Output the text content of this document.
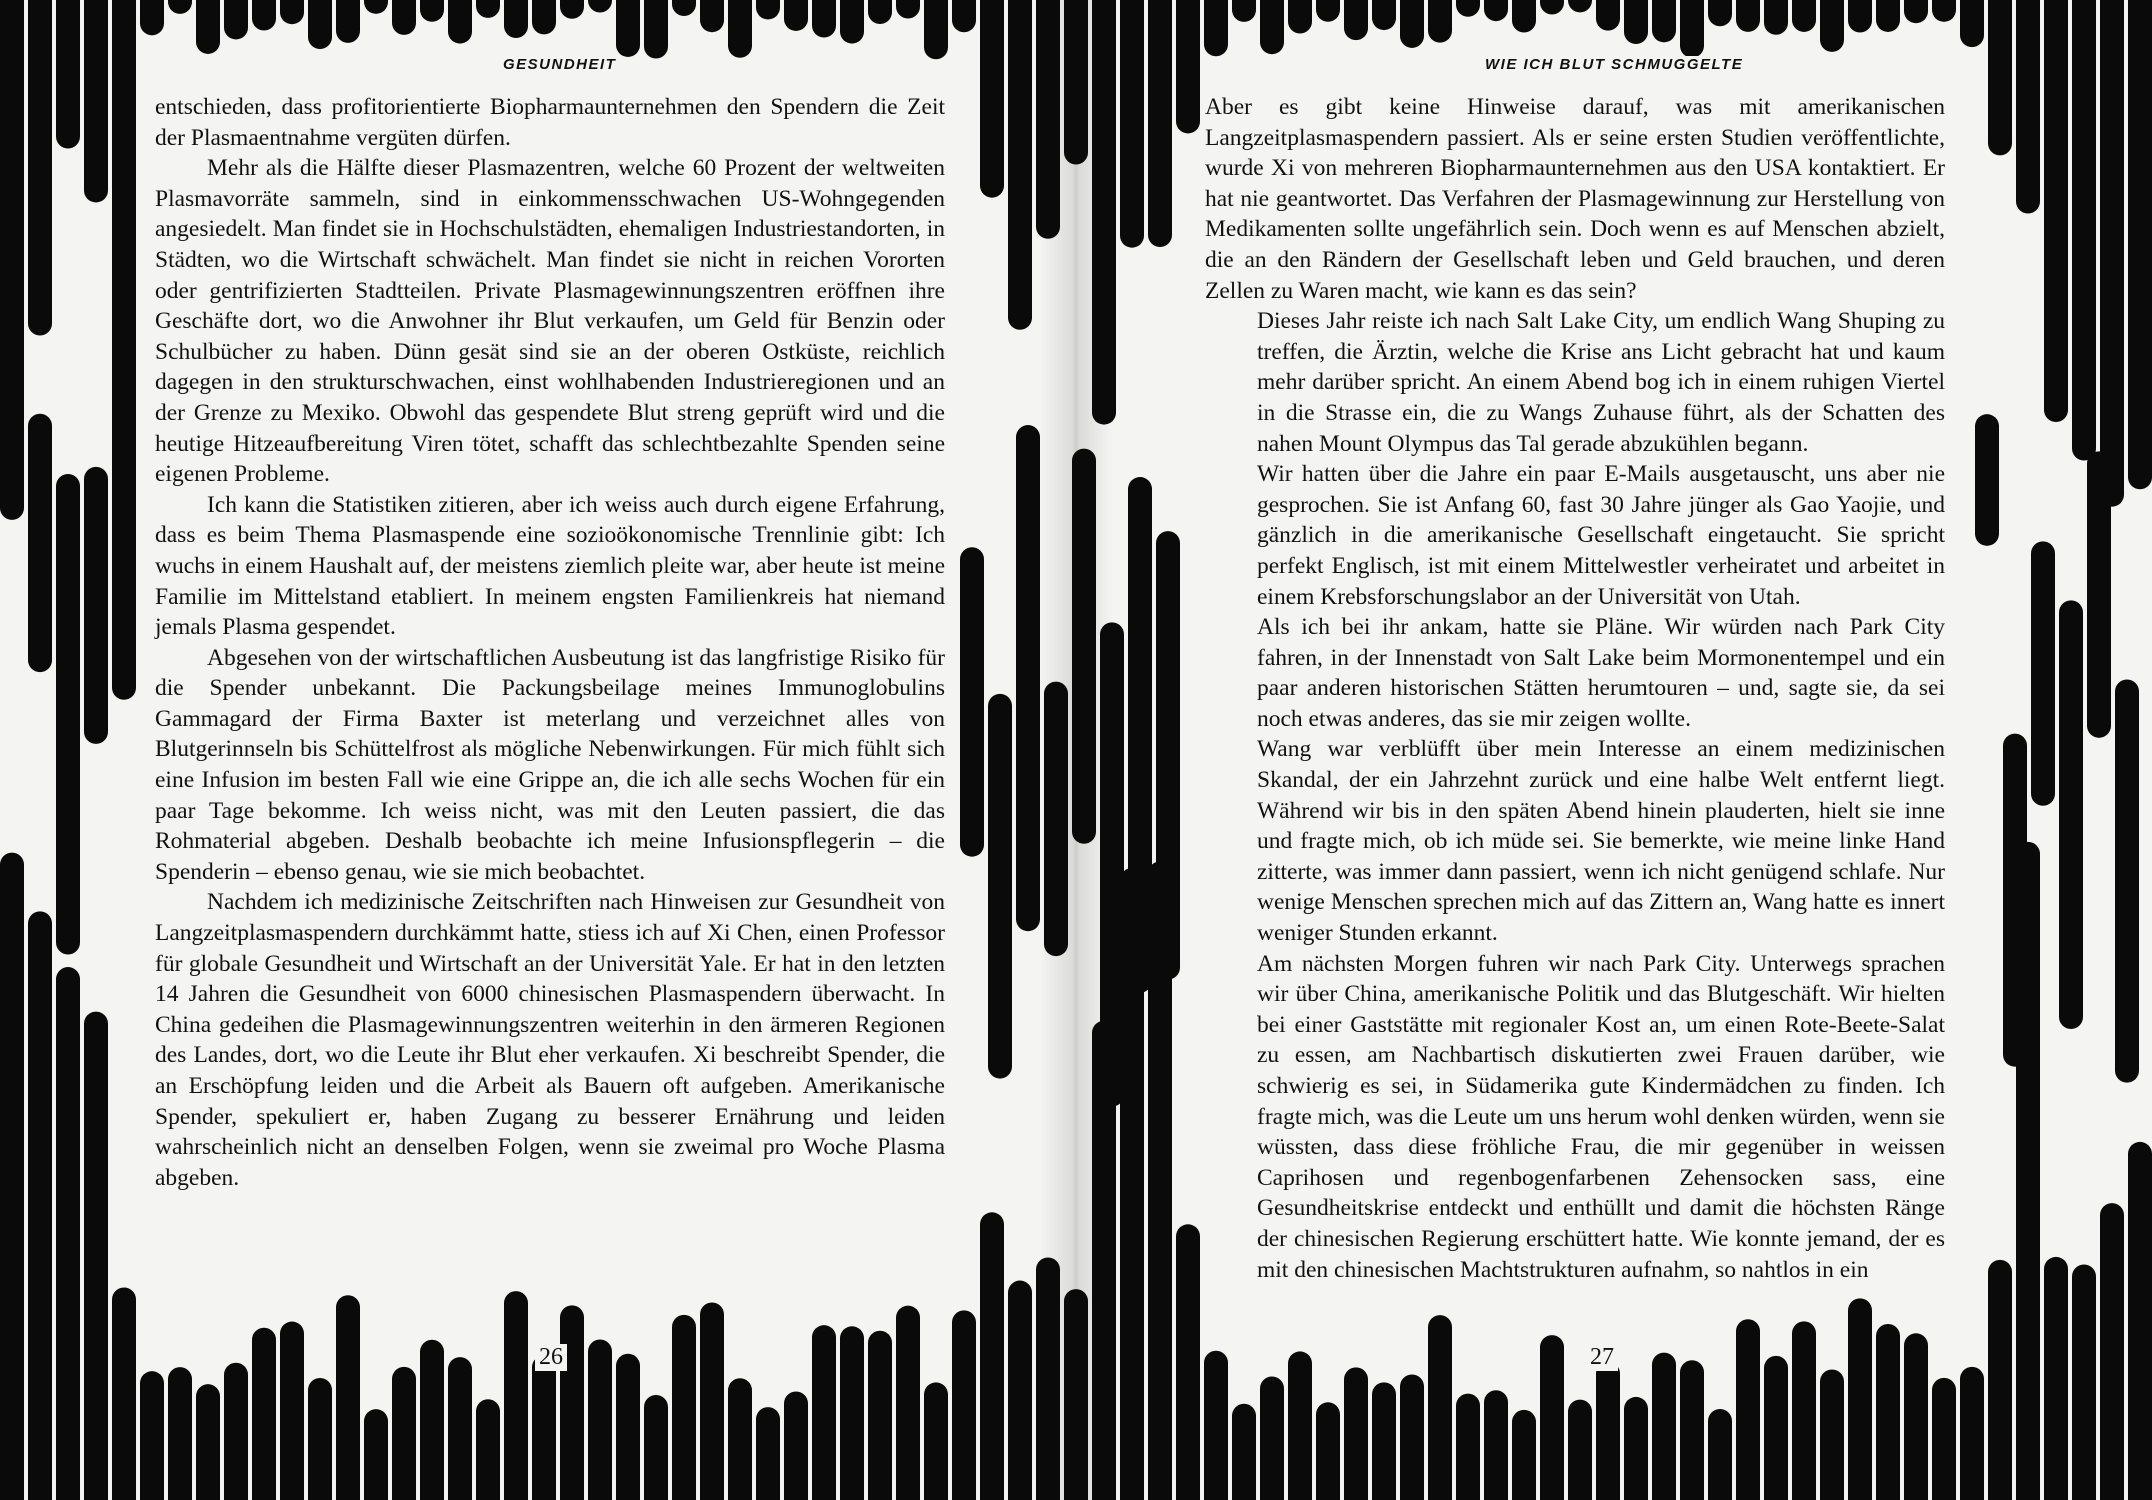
GESUNDHEIT	WIE ICH BLUT SCHMUGGELTE

entschieden, dass profitorientierte Biopharmaunternehmen den Spendern die Zeit der Plasmaentnahme vergüten dürfen.

Mehr als die Hälfte dieser Plasmazentren, welche 60 Prozent der weltweiten Plasmavorräte sammeln, sind in einkommensschwachen US-Wohngegenden angesiedelt. Man findet sie in Hochschulstädten, ehemaligen Industriestandorten, in Städten, wo die Wirtschaft schwächelt. Man findet sie nicht in reichen Vororten oder gentrifizierten Stadtteilen. Private Plasmagewinnungszentren eröffnen ihre Geschäfte dort, wo die Anwohner ihr Blut verkaufen, um Geld für Benzin oder Schulbücher zu haben. Dünn gesät sind sie an der oberen Ostküste, reichlich dagegen in den strukturschwachen, einst wohlhabenden Industrieregionen und an der Grenze zu Mexiko. Obwohl das gespendete Blut streng geprüft wird und die heutige Hitzeaufbereitung Viren tötet, schafft das schlechtbezahlte Spenden seine eigenen Probleme.

Ich kann die Statistiken zitieren, aber ich weiss auch durch eigene Erfahrung, dass es beim Thema Plasmaspende eine sozioökonomische Trennlinie gibt: Ich wuchs in einem Haushalt auf, der meistens ziemlich pleite war, aber heute ist meine Familie im Mittelstand etabliert. In meinem engsten Familienkreis hat niemand jemals Plasma gespendet.

Abgesehen von der wirtschaftlichen Ausbeutung ist das langfristige Risiko für die Spender unbekannt. Die Packungsbeilage meines Immunoglobulins Gammagard der Firma Baxter ist meterlang und verzeichnet alles von Blutgerinnseln bis Schüttelfrost als mögliche Nebenwirkungen. Für mich fühlt sich eine Infusion im besten Fall wie eine Grippe an, die ich alle sechs Wochen für ein paar Tage bekomme. Ich weiss nicht, was mit den Leuten passiert, die das Rohmaterial abgeben. Deshalb beobachte ich meine Infusionspflegerin – die Spenderin – ebenso genau, wie sie mich beobachtet.

Nachdem ich medizinische Zeitschriften nach Hinweisen zur Gesundheit von Langzeitplasmaspendern durchkämmt hatte, stiess ich auf Xi Chen, einen Professor für globale Gesundheit und Wirtschaft an der Universität Yale. Er hat in den letzten 14 Jahren die Gesundheit von 6000 chinesischen Plasmaspendern überwacht. In China gedeihen die Plasmagewinnungszentren weiterhin in den ärmeren Regionen des Landes, dort, wo die Leute ihr Blut eher verkaufen. Xi beschreibt Spender, die an Erschöpfung leiden und die Arbeit als Bauern oft aufgeben. Amerikanische Spender, spekuliert er, haben Zugang zu besserer Ernährung und leiden wahrscheinlich nicht an denselben Folgen, wenn sie zweimal pro Woche Plasma abgeben.

Aber es gibt keine Hinweise darauf, was mit amerikanischen Langzeitplasmaspendern passiert. Als er seine ersten Studien veröffentlichte, wurde Xi von mehreren Biopharmaunternehmen aus den USA kontaktiert. Er hat nie geantwortet. Das Verfahren der Plasmagewinnung zur Herstellung von Medikamenten sollte ungefährlich sein. Doch wenn es auf Menschen abzielt, die an den Rändern der Gesellschaft leben und Geld brauchen, und deren Zellen zu Waren macht, wie kann es das sein?

Dieses Jahr reiste ich nach Salt Lake City, um endlich Wang Shuping zu treffen, die Ärztin, welche die Krise ans Licht gebracht hat und kaum mehr darüber spricht. An einem Abend bog ich in einem ruhigen Viertel in die Strasse ein, die zu Wangs Zuhause führt, als der Schatten des nahen Mount Olympus das Tal gerade abzukühlen begann.

Wir hatten über die Jahre ein paar E-Mails ausgetauscht, uns aber nie gesprochen. Sie ist Anfang 60, fast 30 Jahre jünger als Gao Yaojie, und gänzlich in die amerikanische Gesellschaft eingetaucht. Sie spricht perfekt Englisch, ist mit einem Mittelwestler verheiratet und arbeitet in einem Krebsforschungslabor an der Universität von Utah.

Als ich bei ihr ankam, hatte sie Pläne. Wir würden nach Park City fahren, in der Innenstadt von Salt Lake beim Mormonentempel und ein paar anderen historischen Stätten herumtouren – und, sagte sie, da sei noch etwas anderes, das sie mir zeigen wollte.

Wang war verblüfft über mein Interesse an einem medizinischen Skandal, der ein Jahrzehnt zurück und eine halbe Welt entfernt liegt. Während wir bis in den späten Abend hinein plauderten, hielt sie inne und fragte mich, ob ich müde sei. Sie bemerkte, wie meine linke Hand zitterte, was immer dann passiert, wenn ich nicht genügend schlafe. Nur wenige Menschen sprechen mich auf das Zittern an, Wang hatte es innert weniger Stunden erkannt.

Am nächsten Morgen fuhren wir nach Park City. Unterwegs sprachen wir über China, amerikanische Politik und das Blutgeschäft. Wir hielten bei einer Gaststätte mit regionaler Kost an, um einen Rote-Beete-Salat zu essen, am Nachbartisch diskutierten zwei Frauen darüber, wie schwierig es sei, in Südamerika gute Kindermädchen zu finden. Ich fragte mich, was die Leute um uns herum wohl denken würden, wenn sie wüssten, dass diese fröhliche Frau, die mir gegenüber in weissen Caprihosen und regenbogenfarbenen Zehensocken sass, eine Gesundheitskrise entdeckt und enthüllt und damit die höchsten Ränge der chinesischen Regierung erschüttert hatte. Wie konnte jemand, der es mit den chinesischen Machtstrukturen aufnahm, so nahtlos in ein

26	27
